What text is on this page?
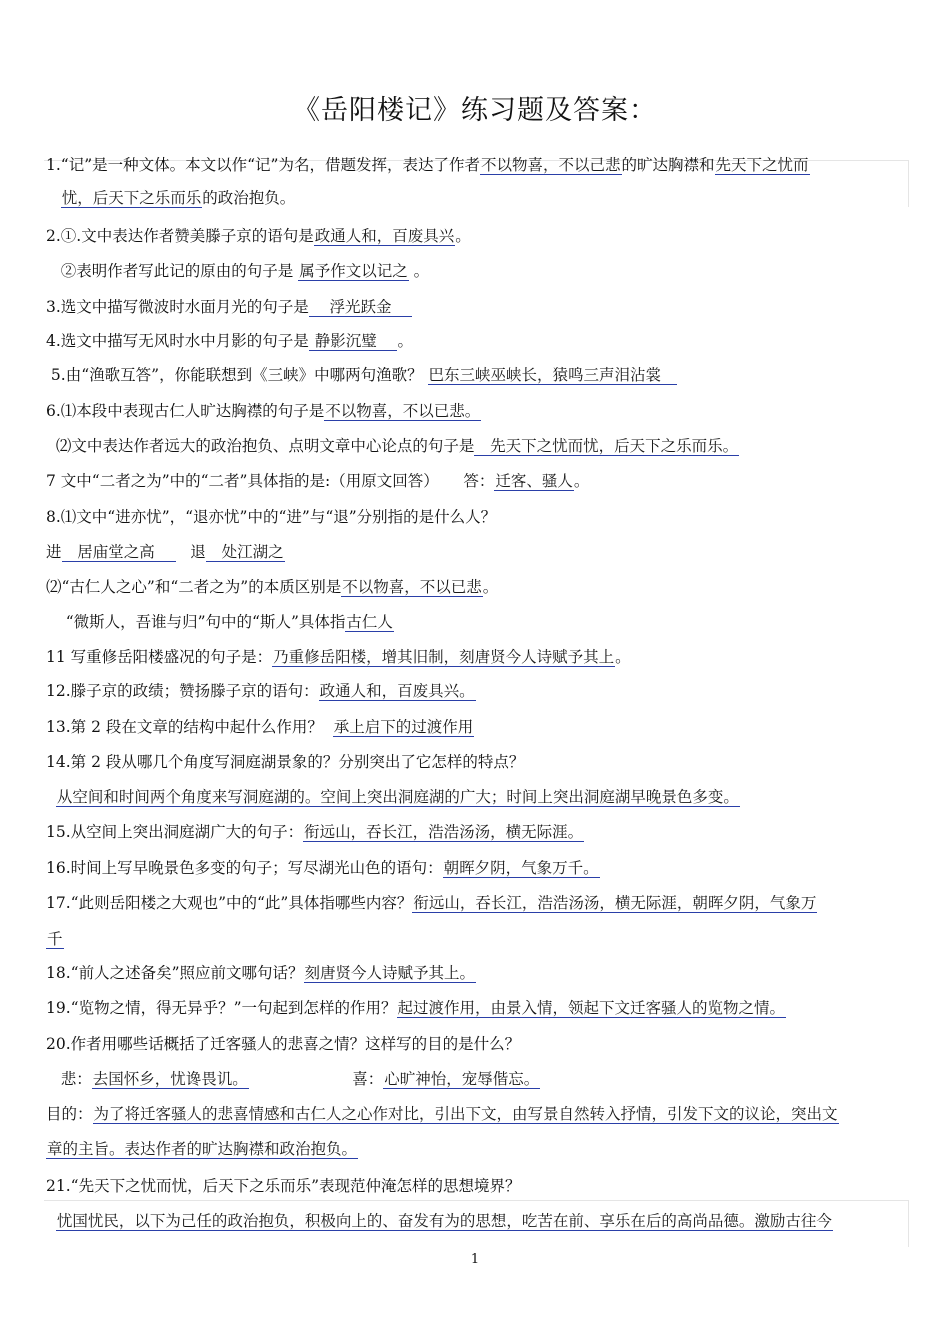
《岳阳楼记》练习题及答案：
1.“记”是一种文体。本文以作“记”为名，借题发挥，表达了作者不以物喜，不以己悲的旷达胸襟和先天下之忧而
忧，后天下之乐而乐的政治抱负。
2.①.文中表达作者赞美滕子京的语句是政通人和，百废具兴。
②表明作者写此记的原由的句子是 属予作文以记之 。
3.选文中描写微波时水面月光的句子是    浮光跃金
4.选文中描写无风时水中月影的句子是 静影沉璧    。
5.由“渔歌互答”，你能联想到《三峡》中哪两句渔歌？ 巴东三峡巫峡长，猿鸣三声泪沾裳
6.⑴本段中表现古仁人旷达胸襟的句子是不以物喜，不以已悲。
⑵文中表达作者远大的政治抱负、点明文章中心论点的句子是   先天下之忧而忧，后天下之乐而乐。
7 文中“二者之为”中的“二者”具体指的是:（用原文回答）     答：迁客、骚人。
8.⑴文中“进亦忧”，“退亦忧”中的“进”与“退”分别指的是什么人？
进   居庙堂之高       退   处江湖之
⑵“古仁人之心”和“二者之为”的本质区别是不以物喜，不以已悲。
“微斯人，吾谁与归”句中的“斯人”具体指古仁人
11 写重修岳阳楼盛况的句子是：乃重修岳阳楼，增其旧制，刻唐贤今人诗赋予其上。
12.滕子京的政绩；赞扬滕子京的语句：政通人和，百废具兴。
13.第 2 段在文章的结构中起什么作用？  承上启下的过渡作用
14.第 2 段从哪几个角度写洞庭湖景象的？分别突出了它怎样的特点？
从空间和时间两个角度来写洞庭湖的。空间上突出洞庭湖的广大；时间上突出洞庭湖早晚景色多变。
15.从空间上突出洞庭湖广大的句子：衔远山，吞长江，浩浩汤汤，横无际涯。
16.时间上写早晚景色多变的句子；写尽湖光山色的语句：朝晖夕阴，气象万千。
17.“此则岳阳楼之大观也”中的“此”具体指哪些内容？衔远山，吞长江，浩浩汤汤，横无际涯，朝晖夕阴，气象万
千
18.“前人之述备矣”照应前文哪句话？刻唐贤今人诗赋予其上。
19.“览物之情，得无异乎？”一句起到怎样的作用？起过渡作用，由景入情，领起下文迁客骚人的览物之情。
20.作者用哪些话概括了迁客骚人的悲喜之情？这样写的目的是什么？
悲：去国怀乡，忧谗畏讥。                     喜：心旷神怡，宠辱偕忘。
目的：为了将迁客骚人的悲喜情感和古仁人之心作对比，引出下文，由写景自然转入抒情，引发下文的议论，突出文
章的主旨。表达作者的旷达胸襟和政治抱负。
21.“先天下之忧而忧，后天下之乐而乐”表现范仲淹怎样的思想境界？
忧国忧民，以下为己任的政治抱负，积极向上的、奋发有为的思想，吃苦在前、享乐在后的高尚品德。激励古往今
1
